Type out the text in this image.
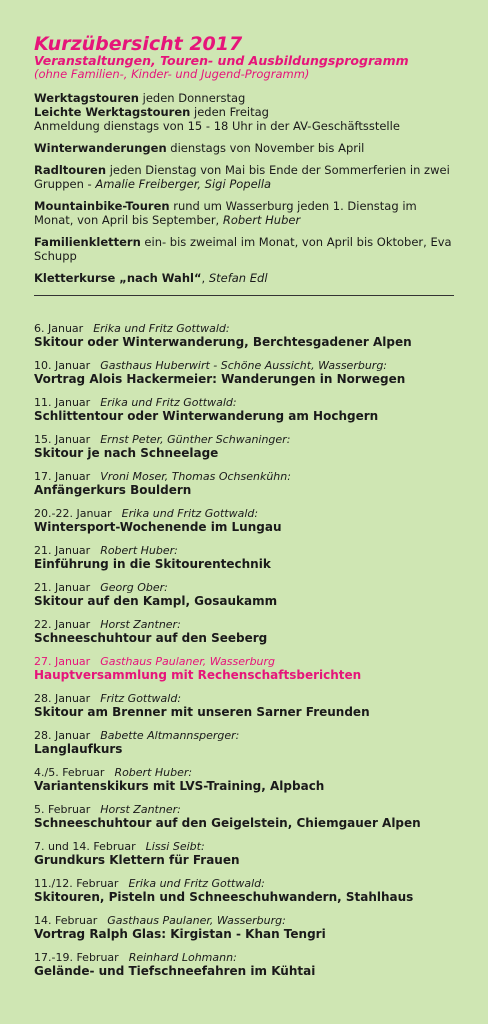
Kurzübersicht 2017
Veranstaltungen, Touren- und Ausbildungsprogramm
(ohne Familien-, Kinder- und Jugend-Programm)
Werktagstouren jeden Donnerstag
Leichte Werktagstouren jeden Freitag
Anmeldung dienstags von 15 - 18 Uhr in der AV-Geschäftsstelle
Winterwanderungen dienstags von November bis April
Radltouren jeden Dienstag von Mai bis Ende der Sommerferien in zwei Gruppen - Amalie Freiberger, Sigi Popella
Mountainbike-Touren rund um Wasserburg jeden 1. Dienstag im Monat, von April bis September, Robert Huber
Familienklettern ein- bis zweimal im Monat, von April bis Oktober, Eva Schupp
Kletterkurse „nach Wahl“, Stefan Edl
6. Januar Erika und Fritz Gottwald:
Skitour oder Winterwanderung, Berchtesgadener Alpen
10. Januar Gasthaus Huberwirt - Schöne Aussicht, Wasserburg:
Vortrag Alois Hackermeier: Wanderungen in Norwegen
11. Januar Erika und Fritz Gottwald:
Schlittentour oder Winterwanderung am Hochgern
15. Januar Ernst Peter, Günther Schwaninger:
Skitour je nach Schneelage
17. Januar Vroni Moser, Thomas Ochsenkühn:
Anfängerkurs Bouldern
20.-22. Januar Erika und Fritz Gottwald:
Wintersport-Wochenende im Lungau
21. Januar Robert Huber:
Einführung in die Skitourentechnik
21. Januar Georg Ober:
Skitour auf den Kampl, Gosaukamm
22. Januar Horst Zantner:
Schneeschuhtour auf den Seeberg
27. Januar Gasthaus Paulaner, Wasserburg
Hauptversammlung mit Rechenschaftsberichten
28. Januar Fritz Gottwald:
Skitour am Brenner mit unseren Sarner Freunden
28. Januar Babette Altmannsperger:
Langlaufkurs
4./5. Februar Robert Huber:
Variantenskikurs mit LVS-Training, Alpbach
5. Februar Horst Zantner:
Schneeschuhtour auf den Geigelstein, Chiemgauer Alpen
7. und 14. Februar Lissi Seibt:
Grundkurs Klettern für Frauen
11./12. Februar Erika und Fritz Gottwald:
Skitouren, Pisteln und Schneeschuhwandern, Stahlhaus
14. Februar Gasthaus Paulaner, Wasserburg:
Vortrag Ralph Glas: Kirgistan - Khan Tengri
17.-19. Februar Reinhard Lohmann:
Gelände- und Tiefschneefahren im Kühtai
